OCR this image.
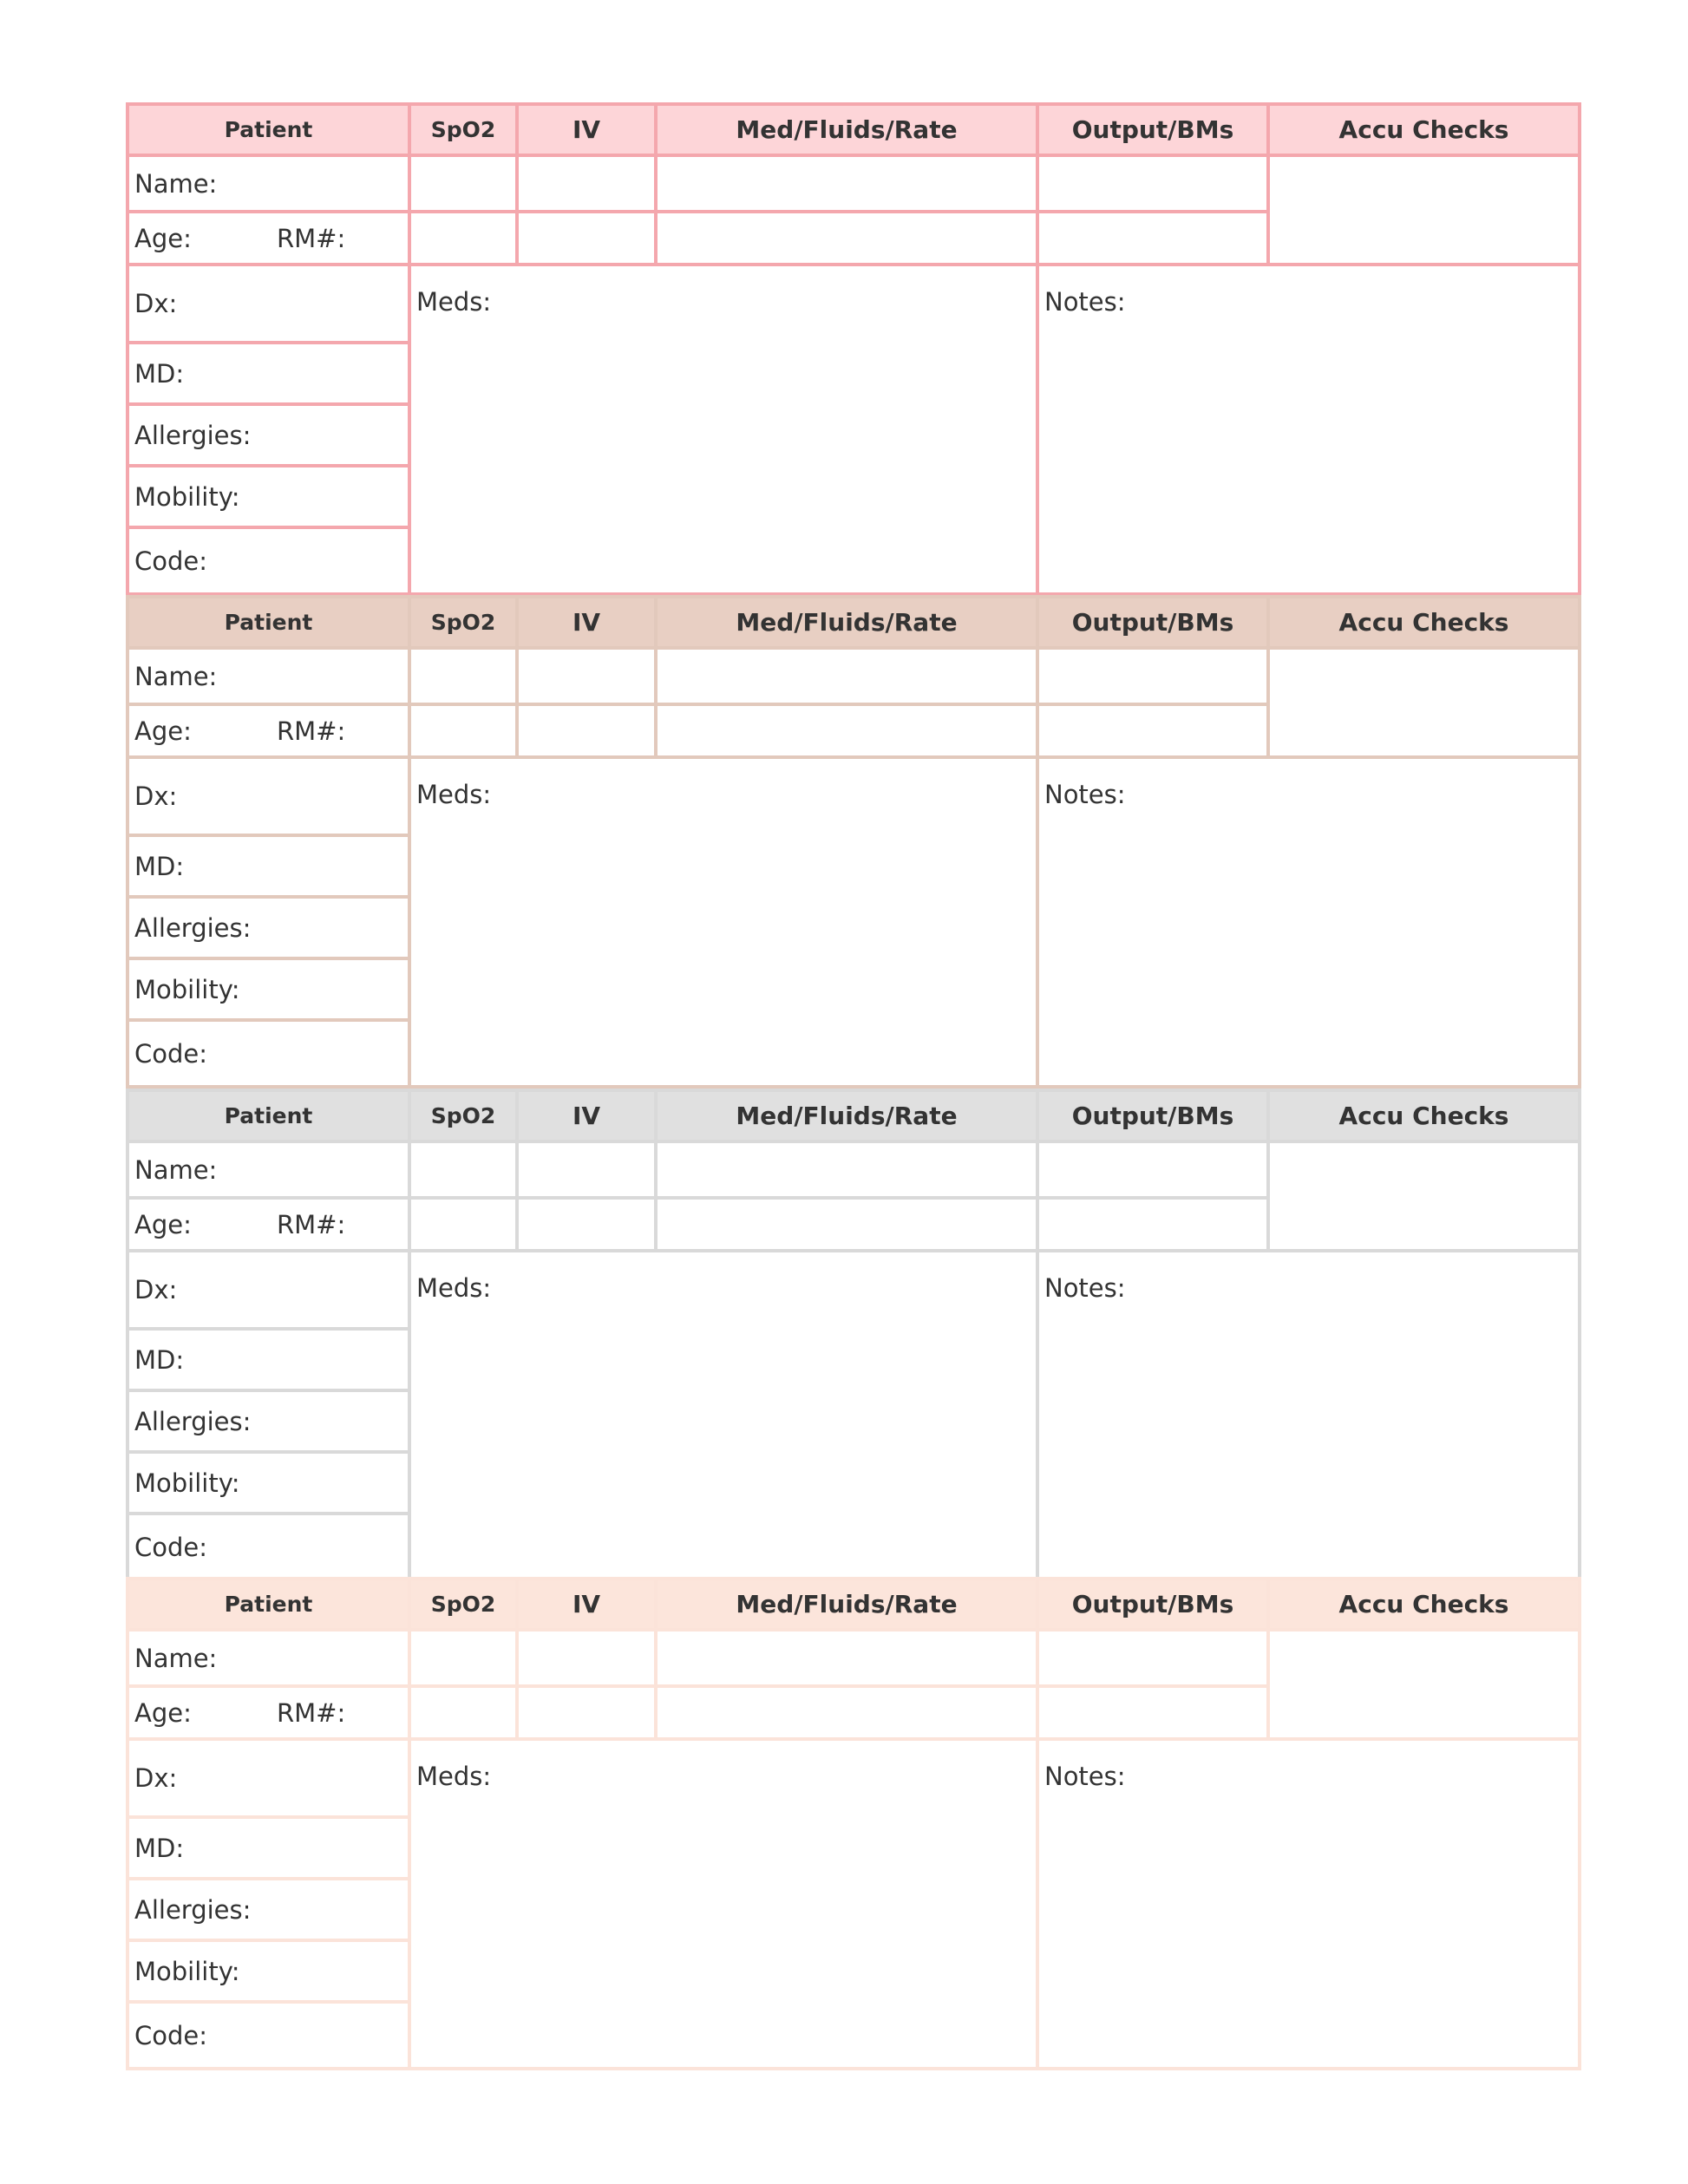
Patient	SpO2	IV	Med/Fluids/Rate	Output/BMs	Accu Checks
Name:
Age:	RM#:
Dx:
MD:
Allergies:
Mobility:
Code:
Meds:	Notes:
Patient	SpO2	IV	Med/Fluids/Rate	Output/BMs	Accu Checks
Name:
Age:	RM#:
Dx:
MD:
Allergies:
Mobility:
Code:
Meds:	Notes:
Patient	SpO2	IV	Med/Fluids/Rate	Output/BMs	Accu Checks
Name:
Age:	RM#:
Dx:
MD:
Allergies:
Mobility:
Code:
Meds:	Notes:
Patient	SpO2	IV	Med/Fluids/Rate	Output/BMs	Accu Checks
Name:
Age:	RM#:
Dx:
MD:
Allergies:
Mobility:
Code:
Meds:	Notes:
